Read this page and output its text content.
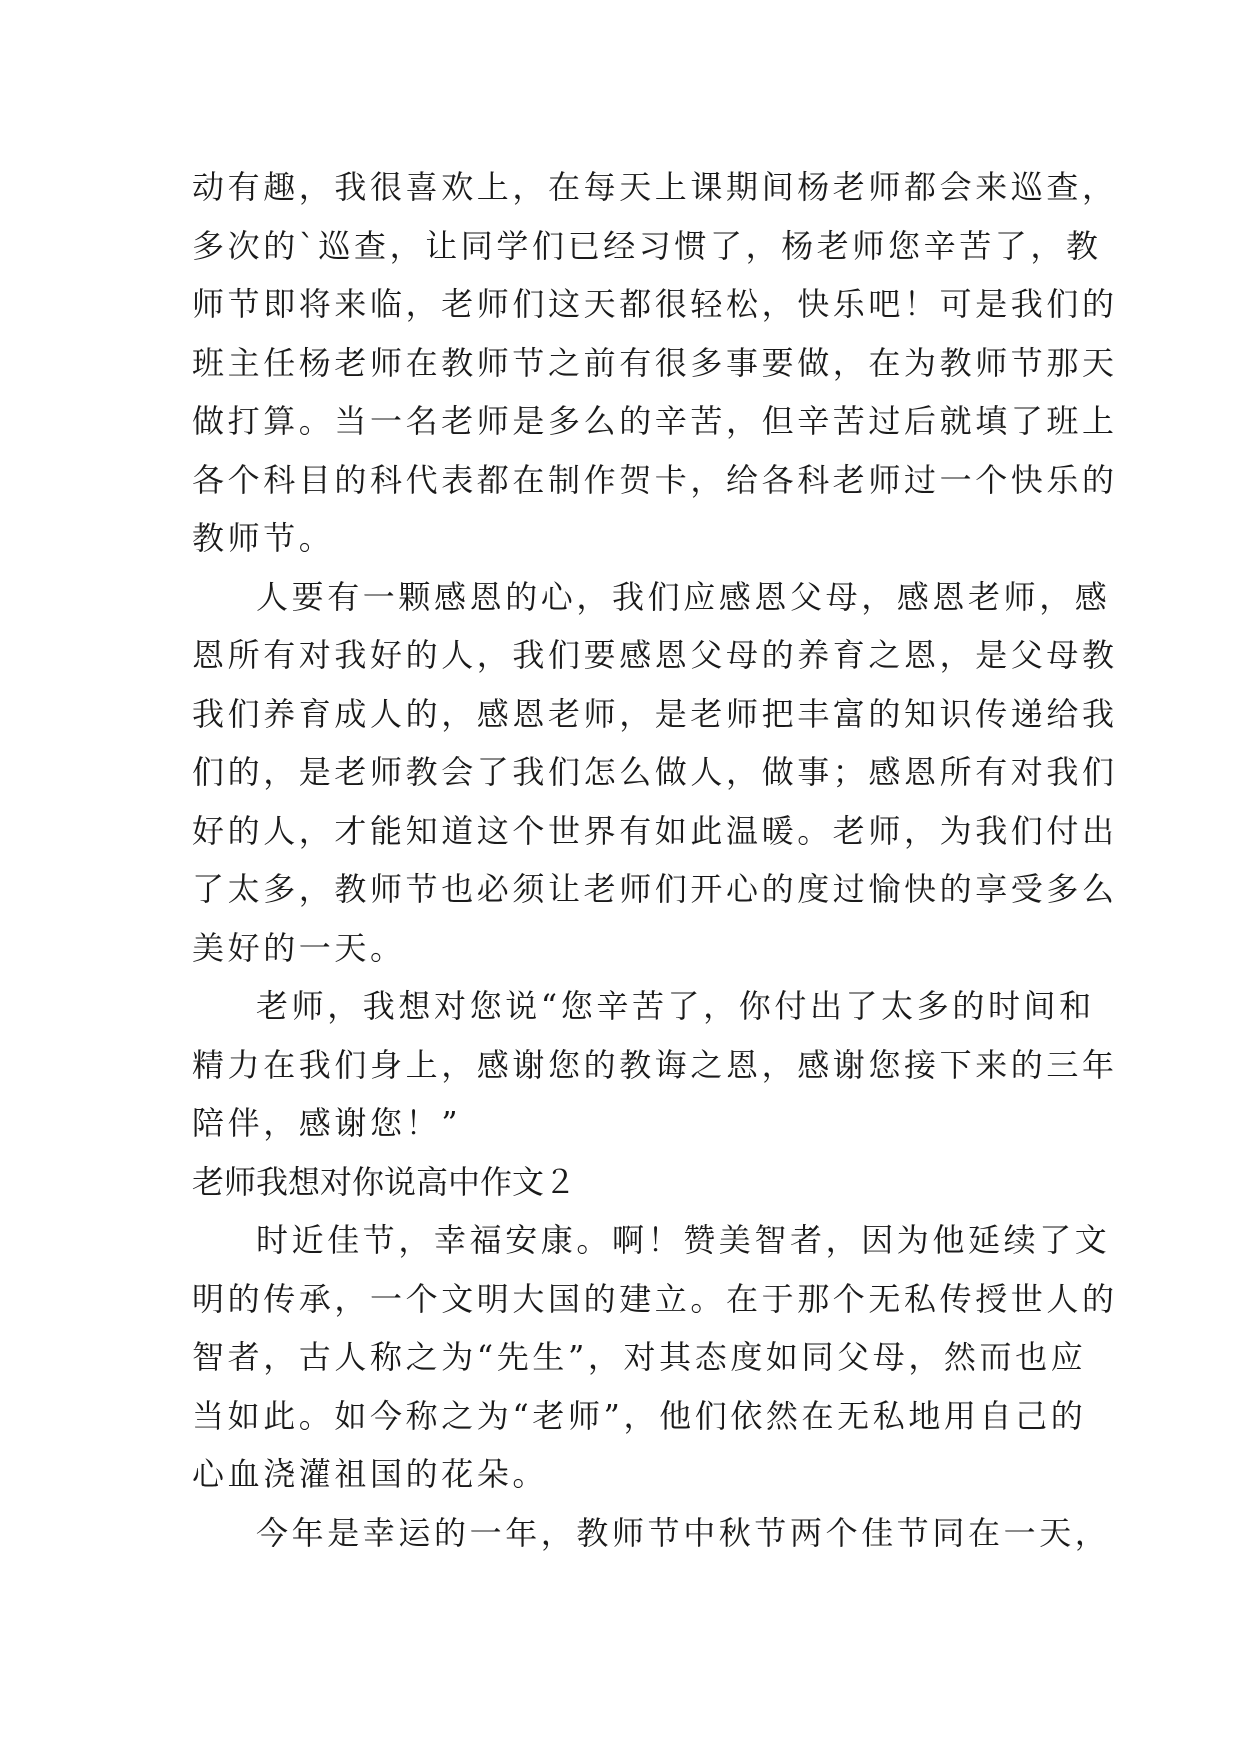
动有趣，我很喜欢上，在每天上课期间杨老师都会来巡查，
多次的`巡查，让同学们已经习惯了，杨老师您辛苦了，教
师节即将来临，老师们这天都很轻松，快乐吧！可是我们的
班主任杨老师在教师节之前有很多事要做，在为教师节那天
做打算。当一名老师是多么的辛苦，但辛苦过后就填了班上
各个科目的科代表都在制作贺卡，给各科老师过一个快乐的
教师节。
人要有一颗感恩的心，我们应感恩父母，感恩老师，感
恩所有对我好的人，我们要感恩父母的养育之恩，是父母教
我们养育成人的，感恩老师，是老师把丰富的知识传递给我
们的，是老师教会了我们怎么做人，做事；感恩所有对我们
好的人，才能知道这个世界有如此温暖。老师，为我们付出
了太多，教师节也必须让老师们开心的度过愉快的享受多么
美好的一天。
老师，我想对您说“您辛苦了，你付出了太多的时间和
精力在我们身上，感谢您的教诲之恩，感谢您接下来的三年
陪伴，感谢您！”
老师我想对你说高中作文２
时近佳节，幸福安康。啊！赞美智者，因为他延续了文
明的传承，一个文明大国的建立。在于那个无私传授世人的
智者，古人称之为“先生”，对其态度如同父母，然而也应
当如此。如今称之为“老师”，他们依然在无私地用自己的
心血浇灌祖国的花朵。
今年是幸运的一年，教师节中秋节两个佳节同在一天，
